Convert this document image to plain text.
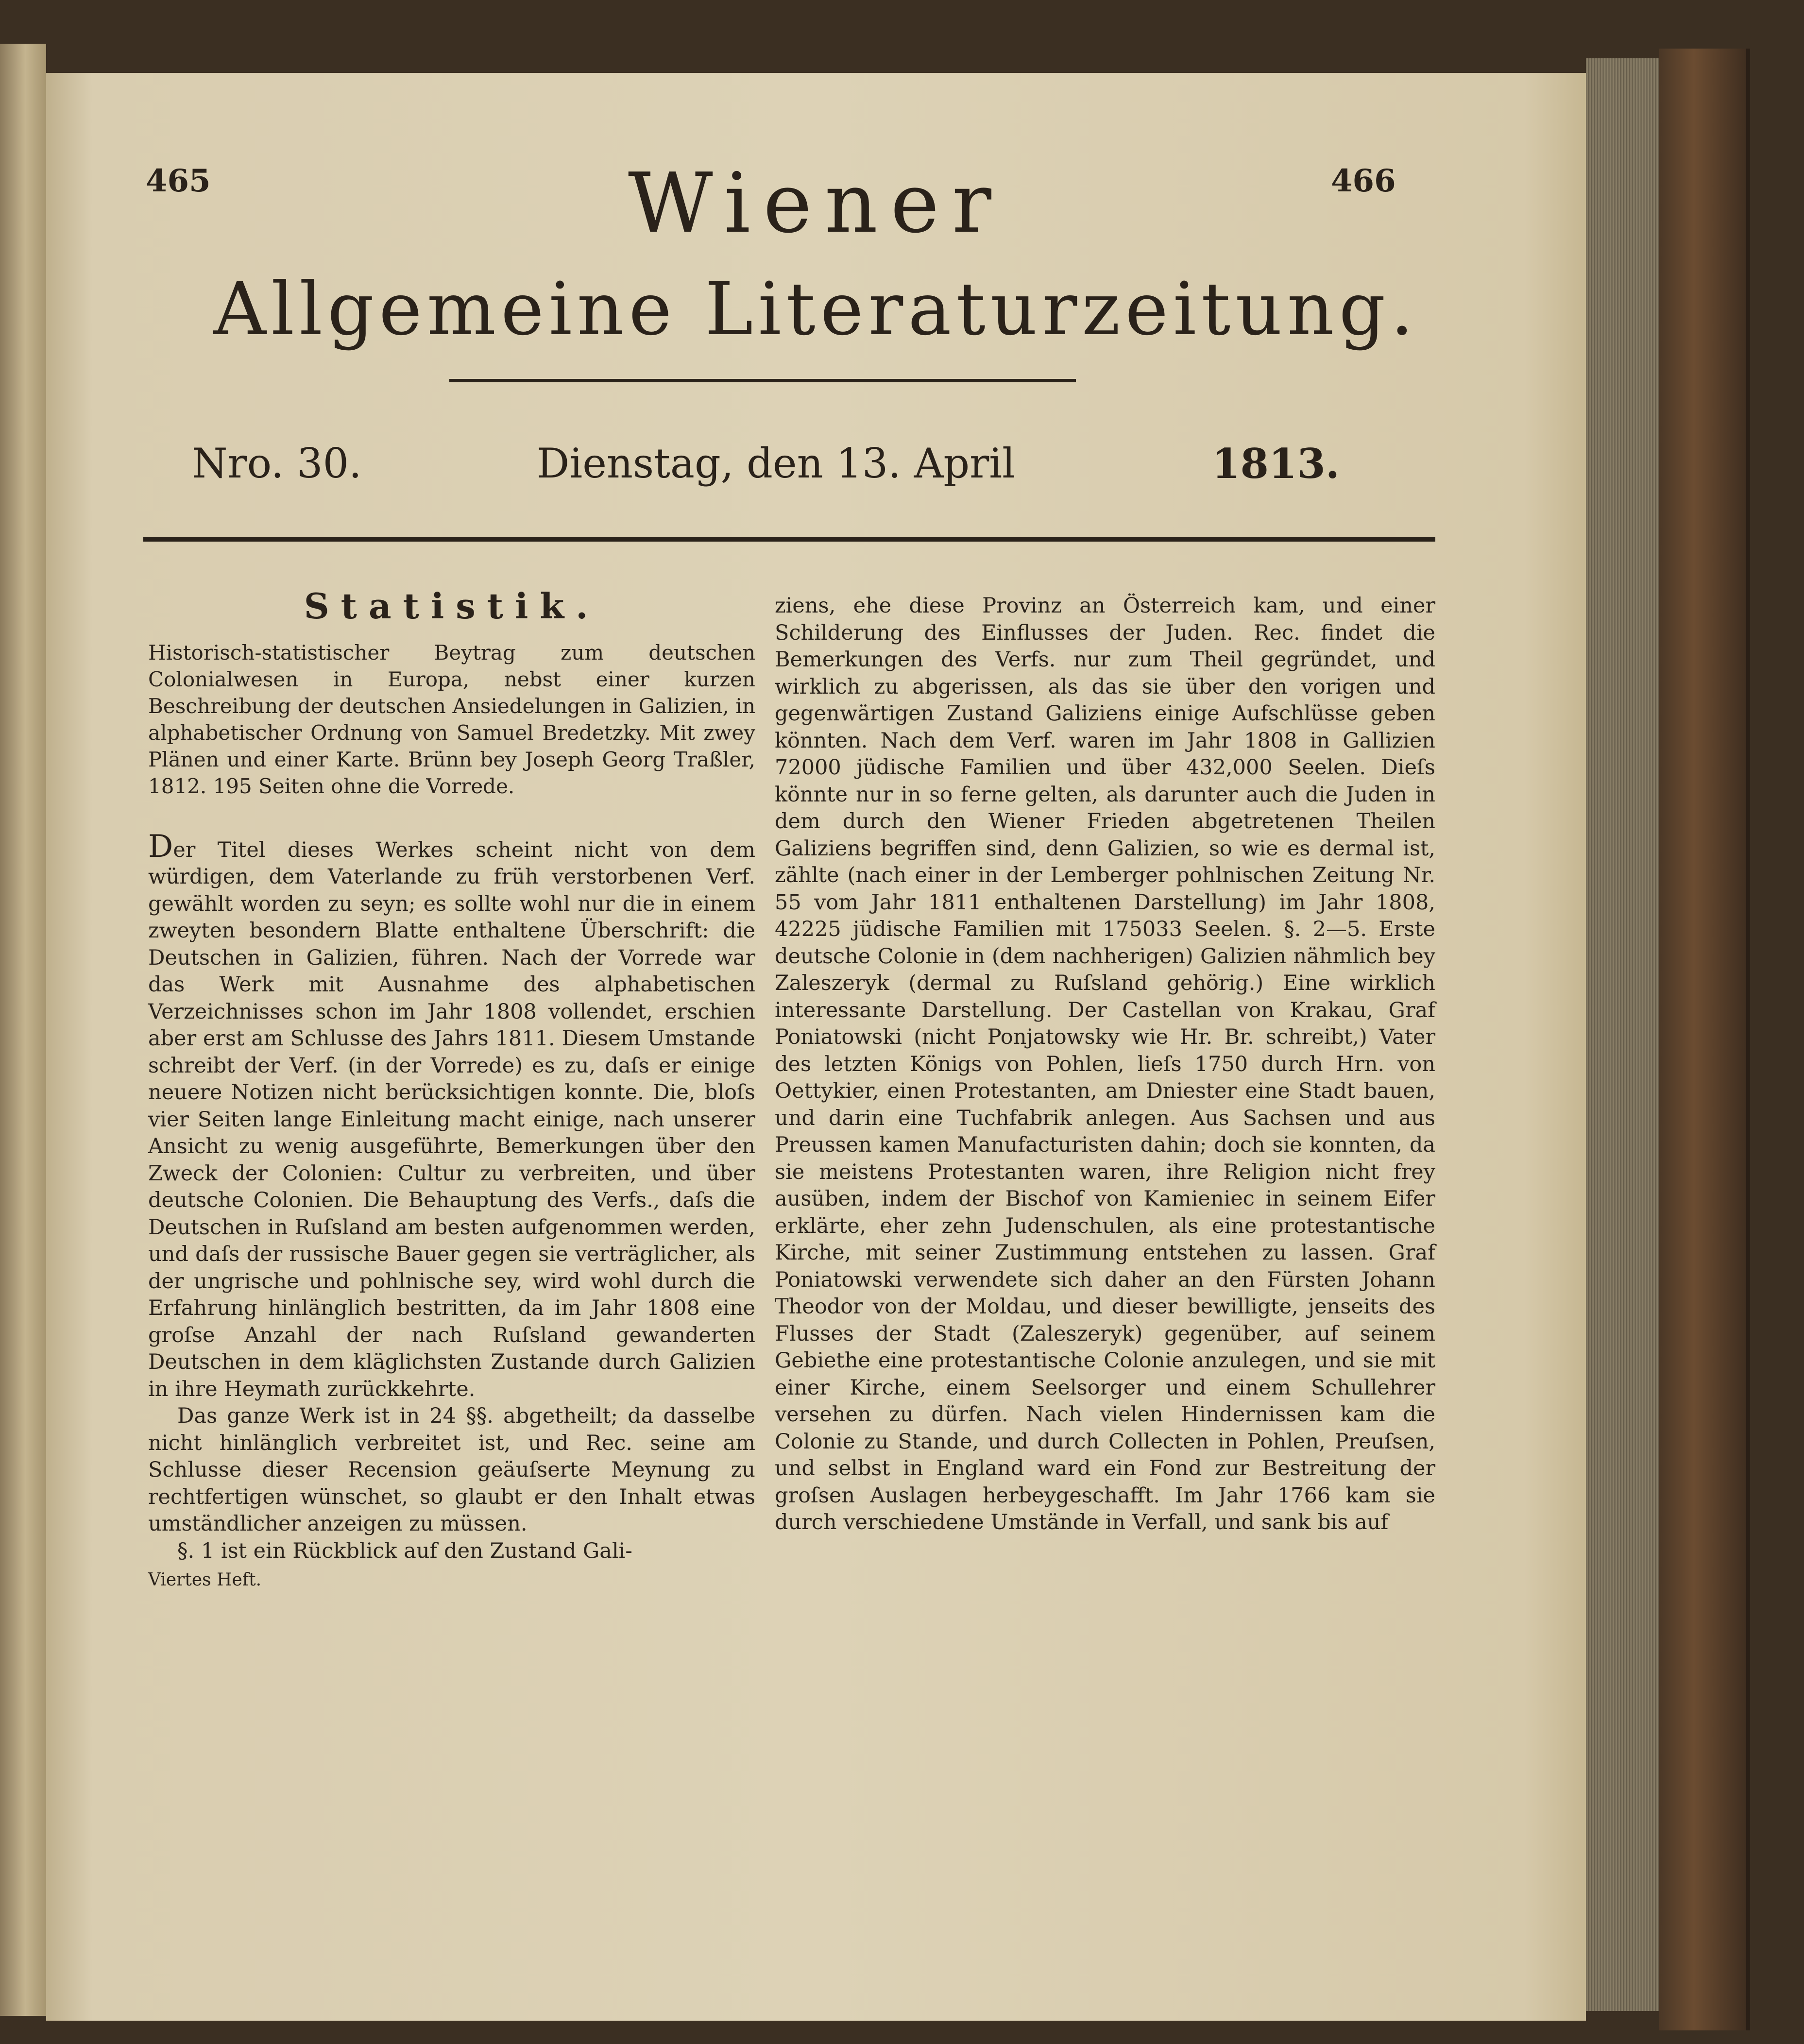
465	466
Wiener
Allgemeine Literaturzeitung.
Nro. 30.	Dienstag, den 13. April	1813.
Statistik.

Historisch-statistischer Beytrag zum deutschen Colonialwesen in Europa, nebst einer kurzen Beschreibung der deutschen Ansiedelungen in Galizien, in alphabetischer Ordnung von Samuel Bredetzky. Mit zwey Plänen und einer Karte. Brünn bey Joseph Georg Traßler, 1812. 195 Seiten ohne die Vorrede.

Der Titel dieses Werkes scheint nicht von dem würdigen, dem Vaterlande zu früh verstorbenen Verf. gewählt worden zu seyn; es sollte wohl nur die in einem zweyten besondern Blatte enthaltene Überschrift: die Deutschen in Galizien, führen. Nach der Vorrede war das Werk mit Ausnahme des alphabetischen Verzeichnisses schon im Jahr 1808 vollendet, erschien aber erst am Schlusse des Jahrs 1811. Diesem Umstande schreibt der Verf. (in der Vorrede) es zu, daſs er einige neuere Notizen nicht berücksichtigen konnte. Die, bloſs vier Seiten lange Einleitung macht einige, nach unserer Ansicht zu wenig ausgeführte, Bemerkungen über den Zweck der Colonien: Cultur zu verbreiten, und über deutsche Colonien. Die Behauptung des Verfs., daſs die Deutschen in Ruſsland am besten aufgenommen werden, und daſs der russische Bauer gegen sie verträglicher, als der ungrische und pohlnische sey, wird wohl durch die Erfahrung hinlänglich bestritten, da im Jahr 1808 eine groſse Anzahl der nach Ruſsland gewanderten Deutschen in dem kläglichsten Zustande durch Galizien in ihre Heymath zurückkehrte.

Das ganze Werk ist in 24 §§. abgetheilt; da dasselbe nicht hinlänglich verbreitet ist, und Rec. seine am Schlusse dieser Recension geäuſserte Meynung zu rechtfertigen wünschet, so glaubt er den Inhalt etwas umständlicher anzeigen zu müssen.

§. 1 ist ein Rückblick auf den Zustand Gali-

Viertes Heft.

ziens, ehe diese Provinz an Österreich kam, und einer Schilderung des Einflusses der Juden. Rec. findet die Bemerkungen des Verfs. nur zum Theil gegründet, und wirklich zu abgerissen, als das sie über den vorigen und gegenwärtigen Zustand Galiziens einige Aufschlüsse geben könnten. Nach dem Verf. waren im Jahr 1808 in Gallizien 72000 jüdische Familien und über 432,000 Seelen. Dieſs könnte nur in so ferne gelten, als darunter auch die Juden in dem durch den Wiener Frieden abgetretenen Theilen Galiziens begriffen sind, denn Galizien, so wie es dermal ist, zählte (nach einer in der Lemberger pohlnischen Zeitung Nr. 55 vom Jahr 1811 enthaltenen Darstellung) im Jahr 1808, 42225 jüdische Familien mit 175033 Seelen. §. 2—5. Erste deutsche Colonie in (dem nachherigen) Galizien nähmlich bey Zaleszeryk (dermal zu Ruſsland gehörig.) Eine wirklich interessante Darstellung. Der Castellan von Krakau, Graf Poniatowski (nicht Ponjatowsky wie Hr. Br. schreibt,) Vater des letzten Königs von Pohlen, lieſs 1750 durch Hrn. von Oettykier, einen Protestanten, am Dniester eine Stadt bauen, und darin eine Tuchfabrik anlegen. Aus Sachsen und aus Preussen kamen Manufacturisten dahin; doch sie konnten, da sie meistens Protestanten waren, ihre Religion nicht frey ausüben, indem der Bischof von Kamieniec in seinem Eifer erklärte, eher zehn Judenschulen, als eine protestantische Kirche, mit seiner Zustimmung entstehen zu lassen. Graf Poniatowski verwendete sich daher an den Fürsten Johann Theodor von der Moldau, und dieser bewilligte, jenseits des Flusses der Stadt (Zaleszeryk) gegenüber, auf seinem Gebiethe eine protestantische Colonie anzulegen, und sie mit einer Kirche, einem Seelsorger und einem Schullehrer versehen zu dürfen. Nach vielen Hindernissen kam die Colonie zu Stande, und durch Collecten in Pohlen, Preuſsen, und selbst in England ward ein Fond zur Bestreitung der groſsen Auslagen herbeygeschafft. Im Jahr 1766 kam sie durch verschiedene Umstände in Verfall, und sank bis auf
